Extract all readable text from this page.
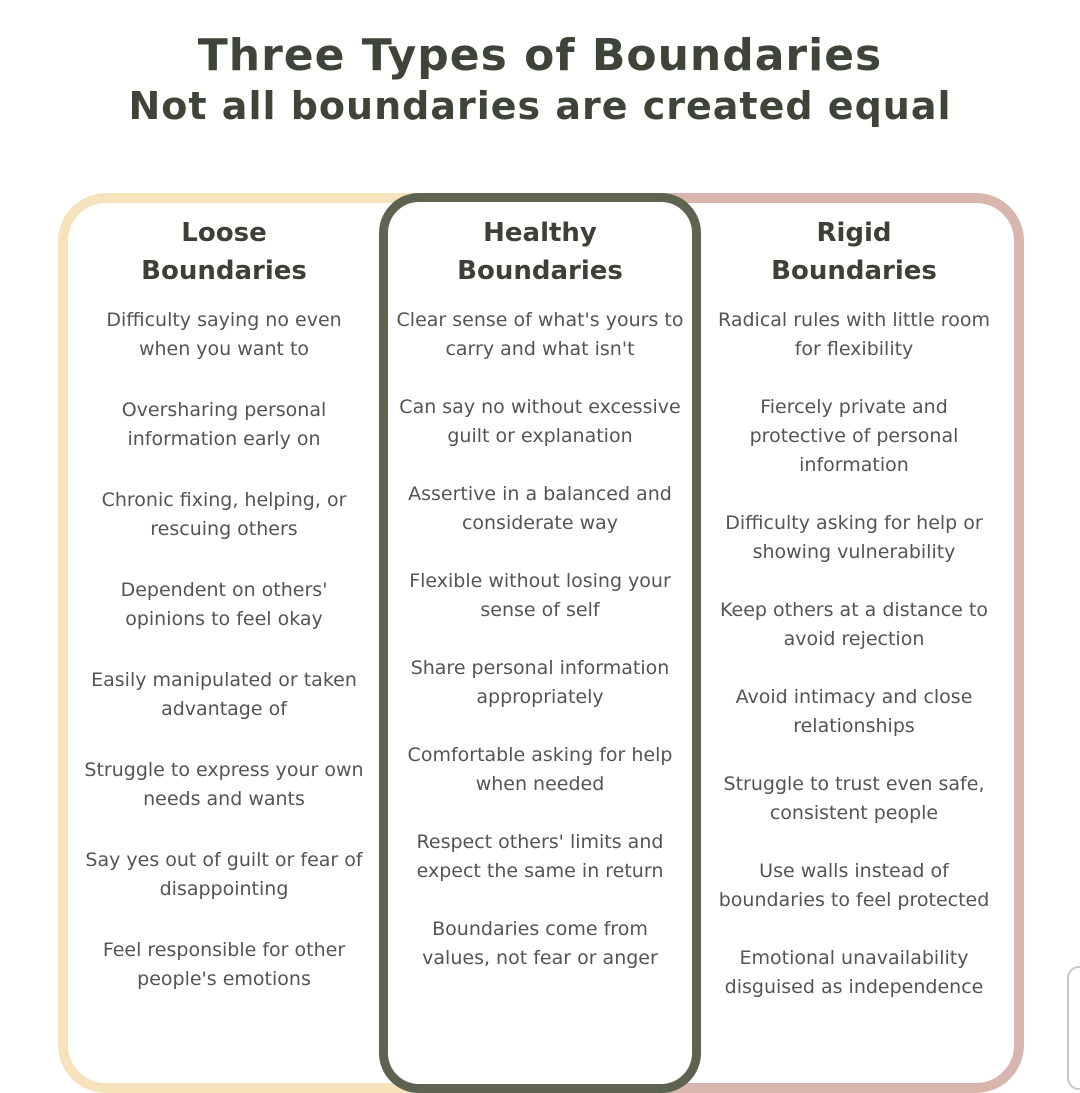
Three Types of Boundaries
Not all boundaries are created equal
Loose
Boundaries

Difficulty saying no even when you want to

Oversharing personal information early on

Chronic fixing, helping, or rescuing others

Dependent on others' opinions to feel okay

Easily manipulated or taken advantage of

Struggle to express your own needs and wants

Say yes out of guilt or fear of disappointing

Feel responsible for other people's emotions

Healthy
Boundaries

Clear sense of what's yours to carry and what isn't

Can say no without excessive guilt or explanation

Assertive in a balanced and considerate way

Flexible without losing your sense of self

Share personal information appropriately

Comfortable asking for help when needed

Respect others' limits and expect the same in return

Boundaries come from values, not fear or anger

Rigid
Boundaries

Radical rules with little room for flexibility

Fiercely private and protective of personal information

Difficulty asking for help or showing vulnerability

Keep others at a distance to avoid rejection

Avoid intimacy and close relationships

Struggle to trust even safe, consistent people

Use walls instead of boundaries to feel protected

Emotional unavailability disguised as independence
